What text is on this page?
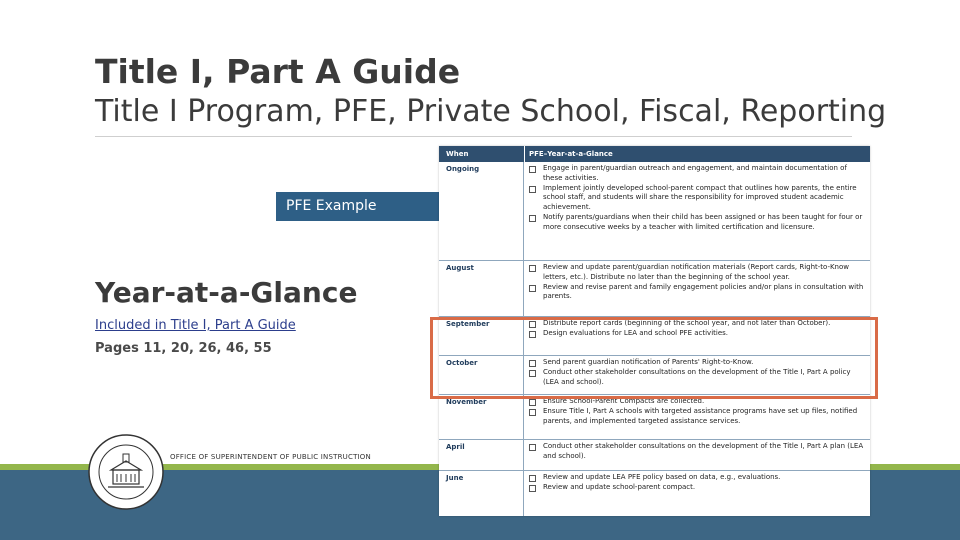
Title I, Part A Guide
Title I Program, PFE, Private School, Fiscal, Reporting
PFE Example
Year-at-a-Glance
Included in Title I, Part A Guide
Pages 11, 20, 26, 46, 55
OFFICE OF SUPERINTENDENT OF PUBLIC INSTRUCTION
When	PFE–Year-at-a-Glance
Ongoing	Engage in parent/guardian outreach and engagement, and maintain documentation of these activities.
Implement jointly developed school-parent compact that outlines how parents, the entire school staff, and students will share the responsibility for improved student academic achievement.
Notify parents/guardians when their child has been assigned or has been taught for four or more consecutive weeks by a teacher with limited certification and licensure.
August	Review and update parent/guardian notification materials (Report cards, Right-to-Know letters, etc.). Distribute no later than the beginning of the school year.
Review and revise parent and family engagement policies and/or plans in consultation with parents.
September	Distribute report cards (beginning of the school year, and not later than October).
Design evaluations for LEA and school PFE activities.
October	Send parent guardian notification of Parents' Right-to-Know.
Conduct other stakeholder consultations on the development of the Title I, Part A policy (LEA and school).
November	Ensure School-Parent Compacts are collected.
Ensure Title I, Part A schools with targeted assistance programs have set up files, notified parents, and implemented targeted assistance services.
April	Conduct other stakeholder consultations on the development of the Title I, Part A plan (LEA and school).
June	Review and update LEA PFE policy based on data, e.g., evaluations.
Review and update school-parent compact.
